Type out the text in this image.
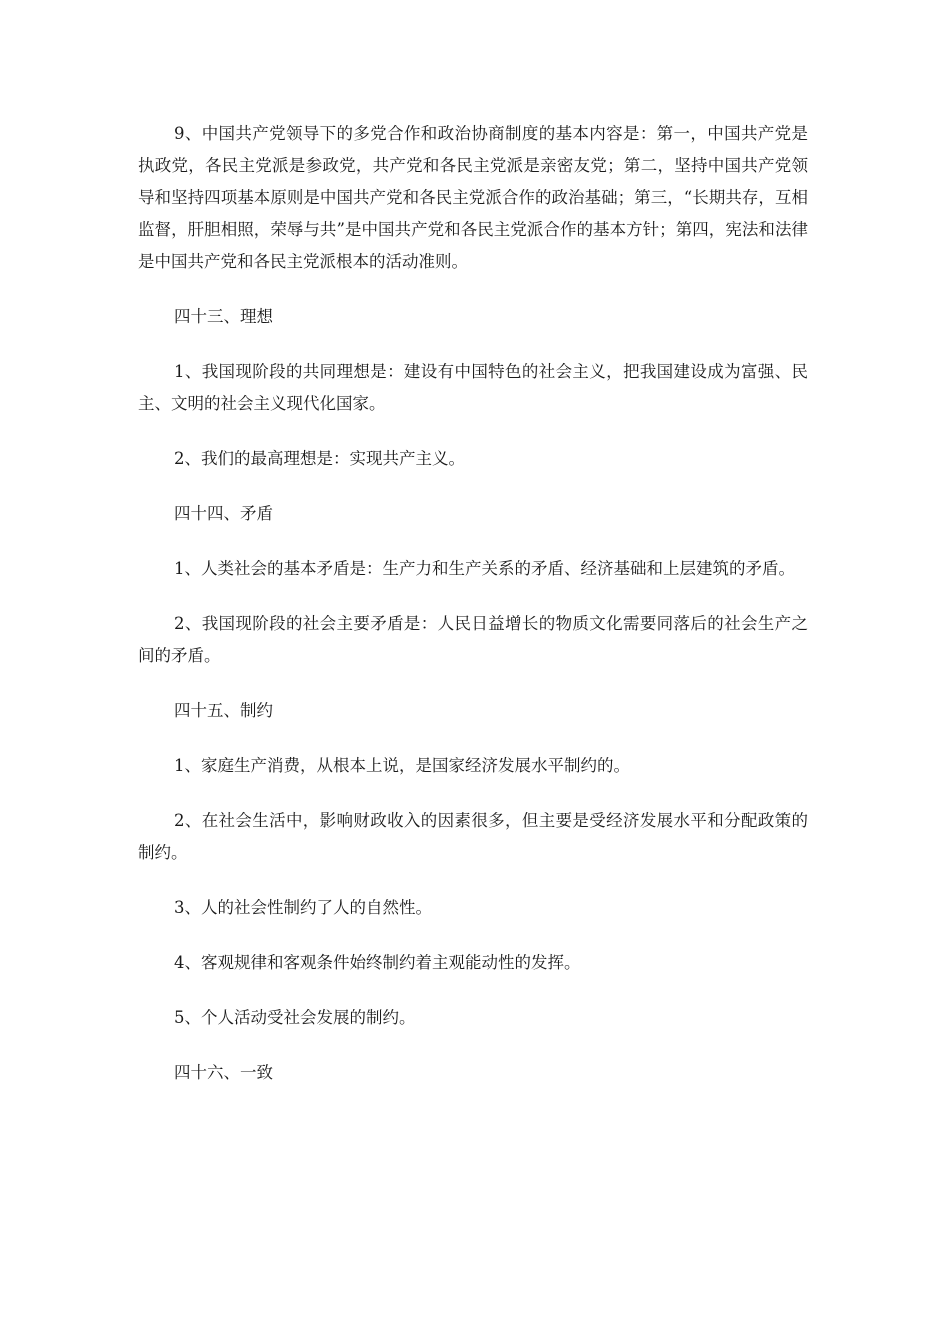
9、中国共产党领导下的多党合作和政治协商制度的基本内容是：第一，中国共产党是执政党，各民主党派是参政党，共产党和各民主党派是亲密友党；第二，坚持中国共产党领导和坚持四项基本原则是中国共产党和各民主党派合作的政治基础；第三，“长期共存，互相监督，肝胆相照，荣辱与共”是中国共产党和各民主党派合作的基本方针；第四，宪法和法律是中国共产党和各民主党派根本的活动准则。

四十三、理想

1、我国现阶段的共同理想是：建设有中国特色的社会主义，把我国建设成为富强、民主、文明的社会主义现代化国家。

2、我们的最高理想是：实现共产主义。

四十四、矛盾

1、人类社会的基本矛盾是：生产力和生产关系的矛盾、经济基础和上层建筑的矛盾。

2、我国现阶段的社会主要矛盾是：人民日益增长的物质文化需要同落后的社会生产之间的矛盾。

四十五、制约

1、家庭生产消费，从根本上说，是国家经济发展水平制约的。

2、在社会生活中，影响财政收入的因素很多，但主要是受经济发展水平和分配政策的制约。

3、人的社会性制约了人的自然性。

4、客观规律和客观条件始终制约着主观能动性的发挥。

5、个人活动受社会发展的制约。

四十六、一致
